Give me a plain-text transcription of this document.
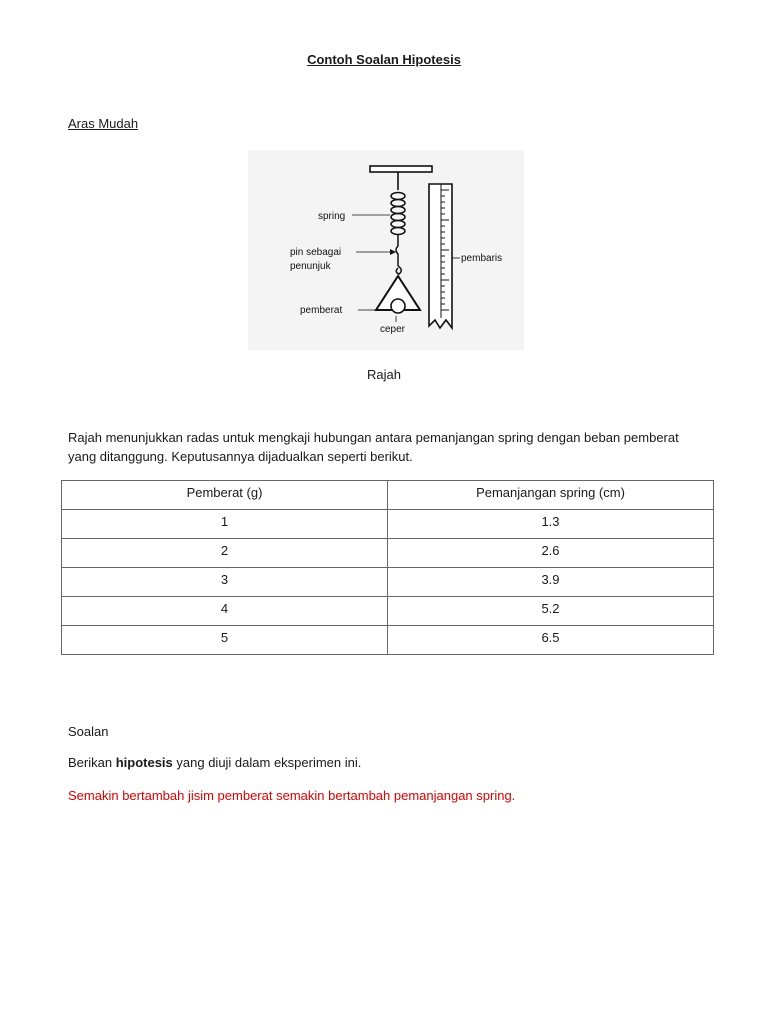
Contoh Soalan Hipotesis
Aras Mudah
spring
pin sebagai
penunjuk
pembaris
pemberat
ceper
Rajah
Rajah menunjukkan radas untuk mengkaji hubungan antara pemanjangan spring dengan beban pemberat yang ditanggung. Keputusannya dijadualkan seperti berikut.
Pemberat (g)	Pemanjangan spring (cm)
1	1.3
2	2.6
3	3.9
4	5.2
5	6.5
Soalan
Berikan hipotesis yang diuji dalam eksperimen ini.
Semakin bertambah jisim pemberat semakin bertambah pemanjangan spring.
